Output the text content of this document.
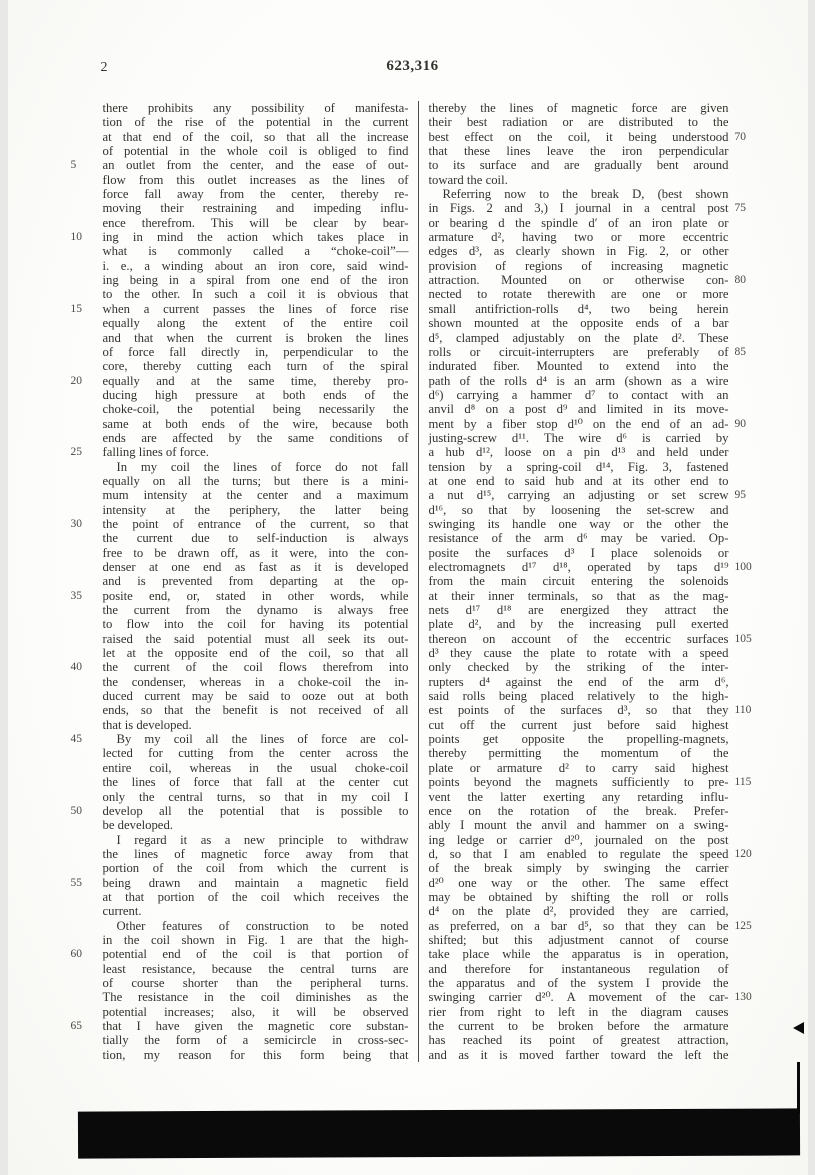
2	623,316
there prohibits any possibility of manifesta-
tion of the rise of the potential in the current
at that end of the coil, so that all the increase
of potential in the whole coil is obliged to find
5	an outlet from the center, and the ease of out-
flow from this outlet increases as the lines of
force fall away from the center, thereby re-
moving their restraining and impeding influ-
ence therefrom. This will be clear by bear-
10	ing in mind the action which takes place in
what is commonly called a “choke-coil”—
i. e., a winding about an iron core, said wind-
ing being in a spiral from one end of the iron
to the other. In such a coil it is obvious that
15	when a current passes the lines of force rise
equally along the extent of the entire coil
and that when the current is broken the lines
of force fall directly in, perpendicular to the
core, thereby cutting each turn of the spiral
20	equally and at the same time, thereby pro-
ducing high pressure at both ends of the
choke-coil, the potential being necessarily the
same at both ends of the wire, because both
ends are affected by the same conditions of
25	falling lines of force.
In my coil the lines of force do not fall
equally on all the turns; but there is a mini-
mum intensity at the center and a maximum
intensity at the periphery, the latter being
30	the point of entrance of the current, so that
the current due to self-induction is always
free to be drawn off, as it were, into the con-
denser at one end as fast as it is developed
and is prevented from departing at the op-
35	posite end, or, stated in other words, while
the current from the dynamo is always free
to flow into the coil for having its potential
raised the said potential must all seek its out-
let at the opposite end of the coil, so that all
40	the current of the coil flows therefrom into
the condenser, whereas in a choke-coil the in-
duced current may be said to ooze out at both
ends, so that the benefit is not received of all
that is developed.
45	By my coil all the lines of force are col-
lected for cutting from the center across the
entire coil, whereas in the usual choke-coil
the lines of force that fall at the center cut
only the central turns, so that in my coil I
50	develop all the potential that is possible to
be developed.
I regard it as a new principle to withdraw
the lines of magnetic force away from that
portion of the coil from which the current is
55	being drawn and maintain a magnetic field
at that portion of the coil which receives the
current.
Other features of construction to be noted
in the coil shown in Fig. 1 are that the high-
60	potential end of the coil is that portion of
least resistance, because the central turns are
of course shorter than the peripheral turns.
The resistance in the coil diminishes as the
potential increases; also, it will be observed
65	that I have given the magnetic core substan-
tially the form of a semicircle in cross-sec-
tion, my reason for this form being that
thereby the lines of magnetic force are given
their best radiation or are distributed to the
70
best effect on the coil, it being understood
that these lines leave the iron perpendicular
to its surface and are gradually bent around
toward the coil.
Referring now to the break D, (best shown
75
in Figs. 2 and 3,) I journal in a central post
or bearing d the spindle d′ of an iron plate or
armature d², having two or more eccentric
edges d³, as clearly shown in Fig. 2, or other
provision of regions of increasing magnetic
80
attraction. Mounted on or otherwise con-
nected to rotate therewith are one or more
small antifriction-rolls d⁴, two being herein
shown mounted at the opposite ends of a bar
d⁵, clamped adjustably on the plate d². These
85
rolls or circuit-interrupters are preferably of
indurated fiber. Mounted to extend into the
path of the rolls d⁴ is an arm (shown as a wire
d⁶) carrying a hammer d⁷ to contact with an
anvil d⁸ on a post d⁹ and limited in its move-
90
ment by a fiber stop d¹⁰ on the end of an ad-
justing-screw d¹¹. The wire d⁶ is carried by
a hub d¹², loose on a pin d¹³ and held under
tension by a spring-coil d¹⁴, Fig. 3, fastened
at one end to said hub and at its other end to
95
a nut d¹⁵, carrying an adjusting or set screw
d¹⁶, so that by loosening the set-screw and
swinging its handle one way or the other the
resistance of the arm d⁶ may be varied. Op-
posite the surfaces d³ I place solenoids or
100
electromagnets d¹⁷ d¹⁸, operated by taps d¹⁹
from the main circuit entering the solenoids
at their inner terminals, so that as the mag-
nets d¹⁷ d¹⁸ are energized they attract the
plate d², and by the increasing pull exerted
105
thereon on account of the eccentric surfaces
d³ they cause the plate to rotate with a speed
only checked by the striking of the inter-
rupters d⁴ against the end of the arm d⁶,
said rolls being placed relatively to the high-
110
est points of the surfaces d³, so that they
cut off the current just before said highest
points get opposite the propelling-magnets,
thereby permitting the momentum of the
plate or armature d² to carry said highest
115
points beyond the magnets sufficiently to pre-
vent the latter exerting any retarding influ-
ence on the rotation of the break. Prefer-
ably I mount the anvil and hammer on a swing-
ing ledge or carrier d²⁰, journaled on the post
120
d, so that I am enabled to regulate the speed
of the break simply by swinging the carrier
d²⁰ one way or the other. The same effect
may be obtained by shifting the roll or rolls
d⁴ on the plate d², provided they are carried,
125
as preferred, on a bar d⁵, so that they can be
shifted; but this adjustment cannot of course
take place while the apparatus is in operation,
and therefore for instantaneous regulation of
the apparatus and of the system I provide the
130
swinging carrier d²⁰. A movement of the car-
rier from right to left in the diagram causes
the current to be broken before the armature
has reached its point of greatest attraction,
and as it is moved farther toward the left the
